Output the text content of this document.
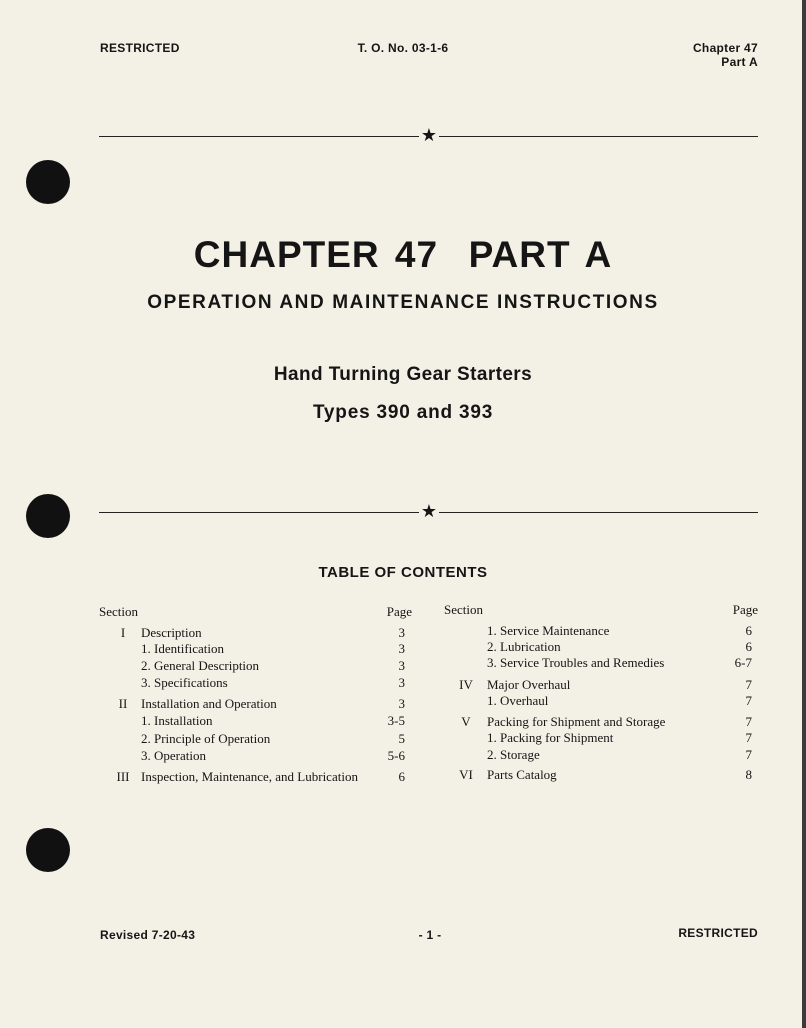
RESTRICTED	T. O. No. 03-1-6	Chapter 47
Part A
★
CHAPTER 47  PART A
OPERATION AND MAINTENANCE INSTRUCTIONS
Hand Turning Gear Starters
Types 390 and 393
★
TABLE OF CONTENTS
Section	Page
I	Description	3
1. Identification	3
2. General Description	3
3. Specifications	3
II	Installation and Operation	3
1. Installation	3-5
2. Principle of Operation	5
3. Operation	5-6
III Inspection, Maintenance, and Lubrication	6
Section	Page
1. Service Maintenance	6
2. Lubrication	6
3. Service Troubles and Remedies	6-7
IV	Major Overhaul	7
1. Overhaul	7
V	Packing for Shipment and Storage	7
1. Packing for Shipment	7
2. Storage	7
VI	Parts Catalog	8
Revised 7-20-43	- 1 -	RESTRICTED
